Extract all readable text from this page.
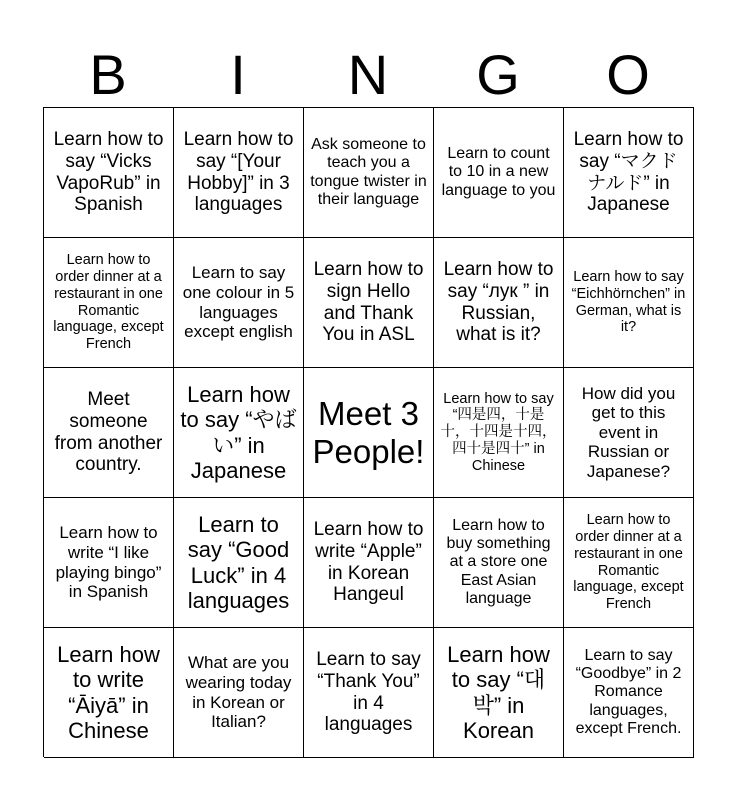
B	I	N	G	O
Learn how to say “Vicks VapoRub” in Spanish
Learn how to say “[Your Hobby]” in 3 languages
Ask someone to teach you a tongue twister in their language
Learn to count to 10 in a new language to you
Learn how to say “マクドナルド” in Japanese
Learn how to order dinner at a restaurant in one Romantic language, except French
Learn to say one colour in 5 languages except english
Learn how to sign Hello and Thank You in ASL
Learn how to say “лук ” in Russian, what is it?
Learn how to say “Eichhörnchen” in German, what is it?
Meet someone from another country.
Learn how to say “やばい” in Japanese
Meet 3 People!
Learn how to say “四是四，十是十，十四是十四，四十是四十” in Chinese
How did you get to this event in Russian or Japanese?
Learn how to write “I like playing bingo” in Spanish
Learn to say “Good Luck” in 4 languages
Learn how to write “Apple” in Korean Hangeul
Learn how to buy something at a store one East Asian language
Learn how to order dinner at a restaurant in one Romantic language, except French
Learn how to write “Āiyā” in Chinese
What are you wearing today in Korean or Italian?
Learn to say “Thank You” in 4 languages
Learn how to say “대박” in Korean
Learn to say “Goodbye” in 2 Romance languages, except French.
